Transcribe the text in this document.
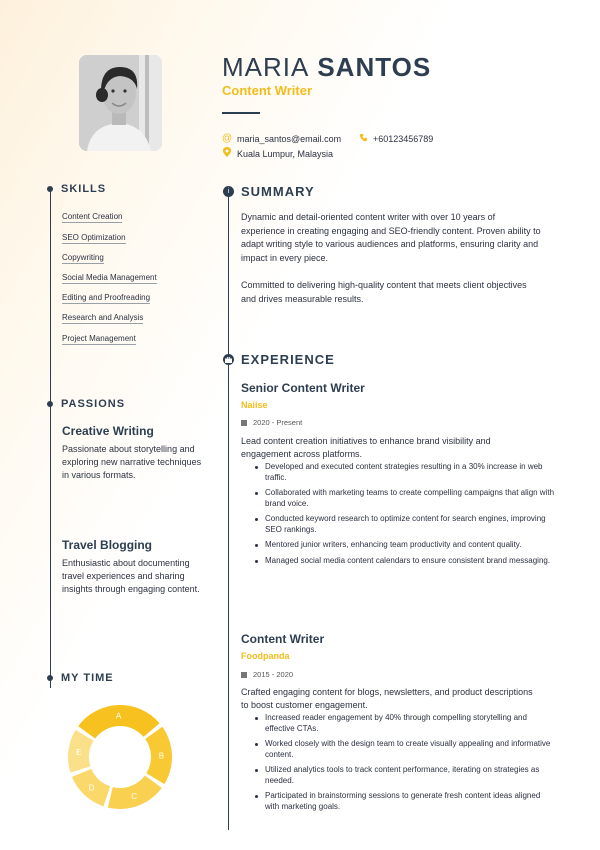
MARIA SANTOS
Content Writer
@ maria_santos@email.com	+60123456789
Kuala Lumpur, Malaysia
i
SKILLS
Content Creation
SEO Optimization
Copywriting
Social Media Management
Editing and Proofreading
Research and Analysis
Project Management
PASSIONS
Creative Writing
Passionate about storytelling and exploring new narrative techniques in various formats.
Travel Blogging
Enthusiastic about documenting travel experiences and sharing insights through engaging content.
MY TIME
A
B
C
D
E
SUMMARY
Dynamic and detail-oriented content writer with over 10 years of experience in creating engaging and SEO-friendly content. Proven ability to adapt writing style to various audiences and platforms, ensuring clarity and impact in every piece.
Committed to delivering high-quality content that meets client objectives and drives measurable results.
EXPERIENCE
Senior Content Writer
Naiise
2020 - Present
Lead content creation initiatives to enhance brand visibility and engagement across platforms.
Developed and executed content strategies resulting in a 30% increase in web traffic.
Collaborated with marketing teams to create compelling campaigns that align with brand voice.
Conducted keyword research to optimize content for search engines, improving SEO rankings.
Mentored junior writers, enhancing team productivity and content quality.
Managed social media content calendars to ensure consistent brand messaging.
Content Writer
Foodpanda
2015 - 2020
Crafted engaging content for blogs, newsletters, and product descriptions to boost customer engagement.
Increased reader engagement by 40% through compelling storytelling and effective CTAs.
Worked closely with the design team to create visually appealing and informative content.
Utilized analytics tools to track content performance, iterating on strategies as needed.
Participated in brainstorming sessions to generate fresh content ideas aligned with marketing goals.
